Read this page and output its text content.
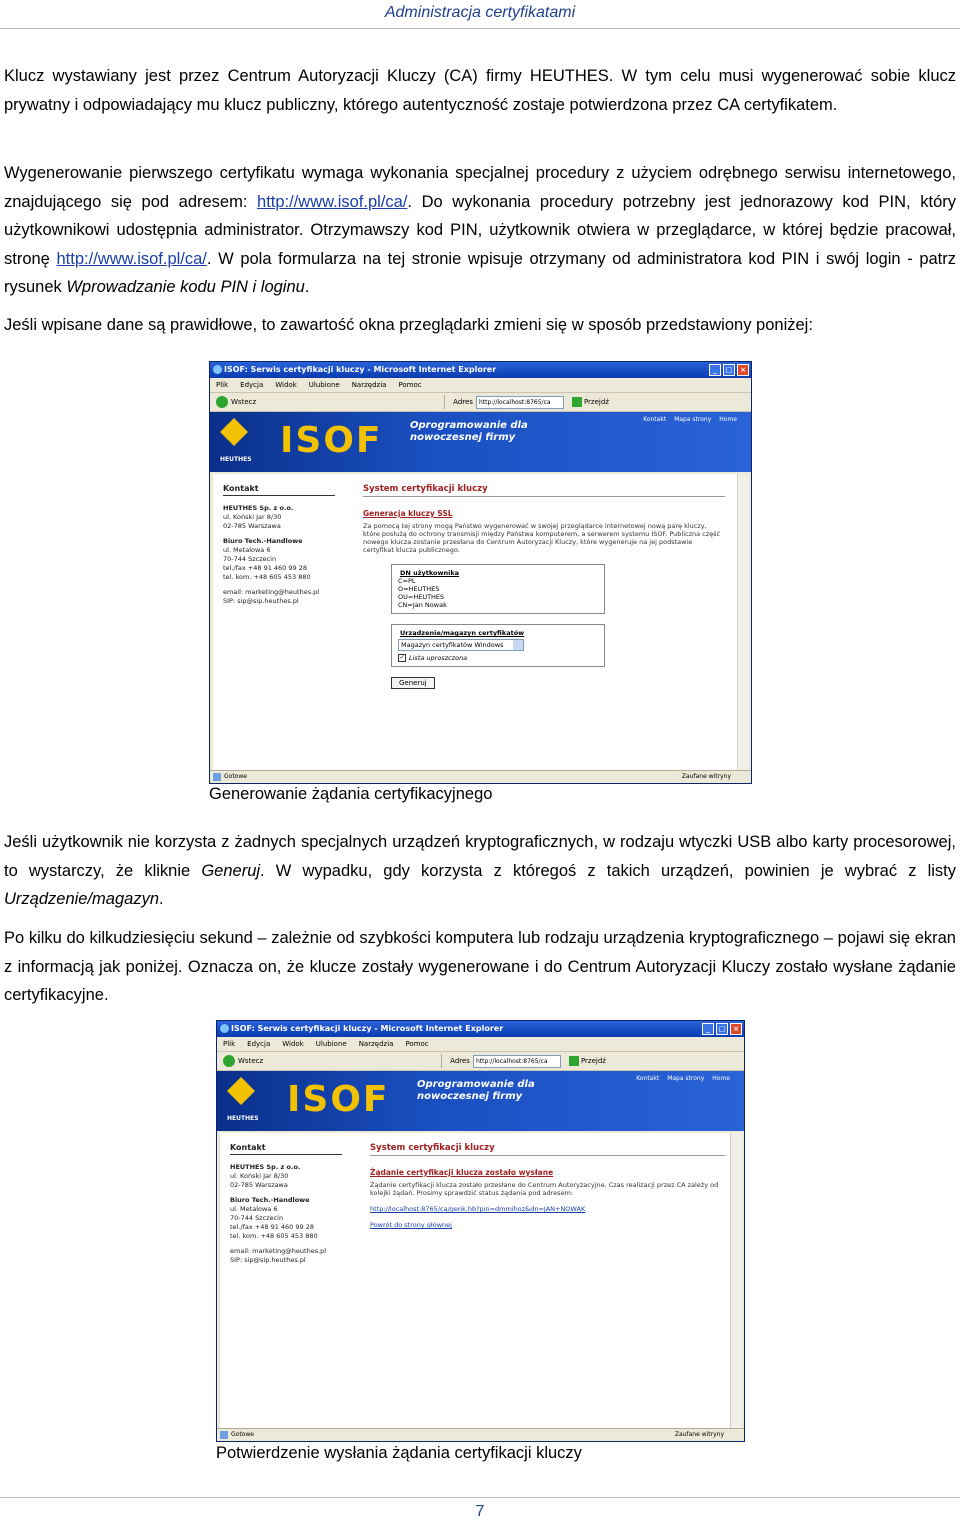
Administracja certyfikatami
Klucz wystawiany jest przez Centrum Autoryzacji Kluczy (CA) firmy HEUTHES. W tym celu musi wygenerować sobie klucz prywatny i odpowiadający mu klucz publiczny, którego autentyczność zostaje potwierdzona przez CA certyfikatem.
Wygenerowanie pierwszego certyfikatu wymaga wykonania specjalnej procedury z użyciem odrębnego serwisu internetowego, znajdującego się pod adresem: http://www.isof.pl/ca/. Do wykonania procedury potrzebny jest jednorazowy kod PIN, który użytkownikowi udostępnia administrator. Otrzymawszy kod PIN, użytkownik otwiera w przeglądarce, w której będzie pracował, stronę http://www.isof.pl/ca/. W pola formularza na tej stronie wpisuje otrzymany od administratora kod PIN i swój login - patrz rysunek Wprowadzanie kodu PIN i loginu.
Jeśli wpisane dane są prawidłowe, to zawartość okna przeglądarki zmieni się w sposób przedstawiony poniżej:
ISOF: Serwis certyfikacji kluczy - Microsoft Internet Explorer	_	□	×
Plik Edycja Widok Ulubione Narzędzia Pomoc
Wstecz	Adres	http://localhost:8765/ca	Przejdź
HEUTHES ISOF	Oprogramowanie dla
nowoczesnej firmy
Kontakt Mapa strony Home
Kontakt
HEUTHES Sp. z o.o.
ul. Koński Jar 8/30
02-785 Warszawa
Biuro Tech.-Handlowe
ul. Metalowa 6
70-744 Szczecin
tel./fax +48 91 460 99 28
tel. kom. +48 605 453 880
email: marketing@heuthes.pl
SIP: sip@sip.heuthes.pl
System certyfikacji kluczy
Generacja kluczy SSL
Za pomocą tej strony mogą Państwo wygenerować w swojej przeglądarce internetowej nową parę kluczy, które posłużą do ochrony transmisji między Państwa komputerem, a serwerem systemu ISOF. Publiczna część nowego klucza zostanie przesłana do Centrum Autoryzacji Kluczy, które wygeneruje na jej podstawie certyfikat klucza publicznego.
DN użytkownika
C=PL
O=HEUTHES
OU=HEUTHES
CN=Jan Nowak
Urządzenie/magazyn certyfikatów
Magazyn certyfikatów Windows
✓ Lista uproszczona
Generuj
Gotowe	Zaufane witryny
Generowanie żądania certyfikacyjnego
Jeśli użytkownik nie korzysta z żadnych specjalnych urządzeń kryptograficznych, w rodzaju wtyczki USB albo karty procesorowej, to wystarczy, że kliknie Generuj. W wypadku, gdy korzysta z któregoś z takich urządzeń, powinien je wybrać z listy Urządzenie/magazyn.
Po kilku do kilkudziesięciu sekund – zależnie od szybkości komputera lub rodzaju urządzenia kryptograficznego – pojawi się ekran z informacją jak poniżej. Oznacza on, że klucze zostały wygenerowane i do Centrum Autoryzacji Kluczy zostało wysłane żądanie certyfikacyjne.
ISOF: Serwis certyfikacji kluczy - Microsoft Internet Explorer	_	□	×
Plik Edycja Widok Ulubione Narzędzia Pomoc
Wstecz	Adres	http://localhost:8765/ca	Przejdź
HEUTHES ISOF	Oprogramowanie dla
nowoczesnej firmy
Kontakt Mapa strony Home
Kontakt
HEUTHES Sp. z o.o.
ul. Koński Jar 8/30
02-785 Warszawa
Biuro Tech.-Handlowe
ul. Metalowa 6
70-744 Szczecin
tel./fax +48 91 460 99 28
tel. kom. +48 605 453 880
email: marketing@heuthes.pl
SIP: sip@sip.heuthes.pl
System certyfikacji kluczy
Żądanie certyfikacji klucza zostało wysłane
Żądanie certyfikacji klucza zostało przesłane do Centrum Autoryzacyjne. Czas realizacji przez CA zależy od kolejki żądań. Prosimy sprawdzić status żądania pod adresem:
http://localhost:8765/ca/genk.hb?pin=dmmihoz&dn=JAN+NOWAK
Powrót do strony głównej
Gotowe	Zaufane witryny
Potwierdzenie wysłania żądania certyfikacji kluczy
7
